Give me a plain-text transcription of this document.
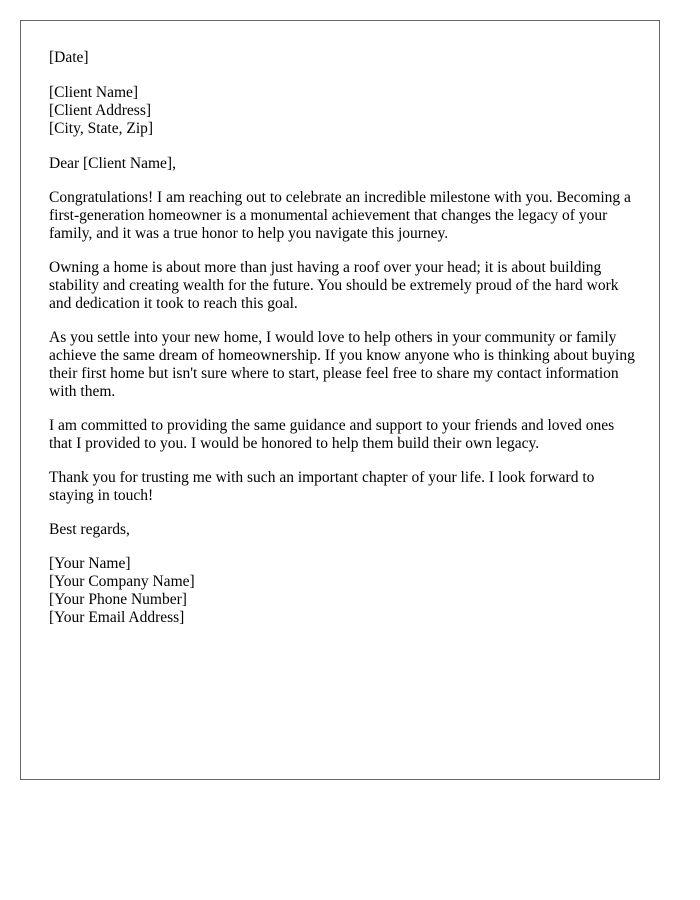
[Date]
[Client Name]
[Client Address]
[City, State, Zip]

Dear [Client Name],

Congratulations! I am reaching out to celebrate an incredible milestone with you. Becoming a first-generation homeowner is a monumental achievement that changes the legacy of your family, and it was a true honor to help you navigate this journey.

Owning a home is about more than just having a roof over your head; it is about building stability and creating wealth for the future. You should be extremely proud of the hard work and dedication it took to reach this goal.

As you settle into your new home, I would love to help others in your community or family achieve the same dream of homeownership. If you know anyone who is thinking about buying their first home but isn't sure where to start, please feel free to share my contact information with them.

I am committed to providing the same guidance and support to your friends and loved ones that I provided to you. I would be honored to help them build their own legacy.

Thank you for trusting me with such an important chapter of your life. I look forward to staying in touch!

Best regards,

[Your Name]
[Your Company Name]
[Your Phone Number]
[Your Email Address]
